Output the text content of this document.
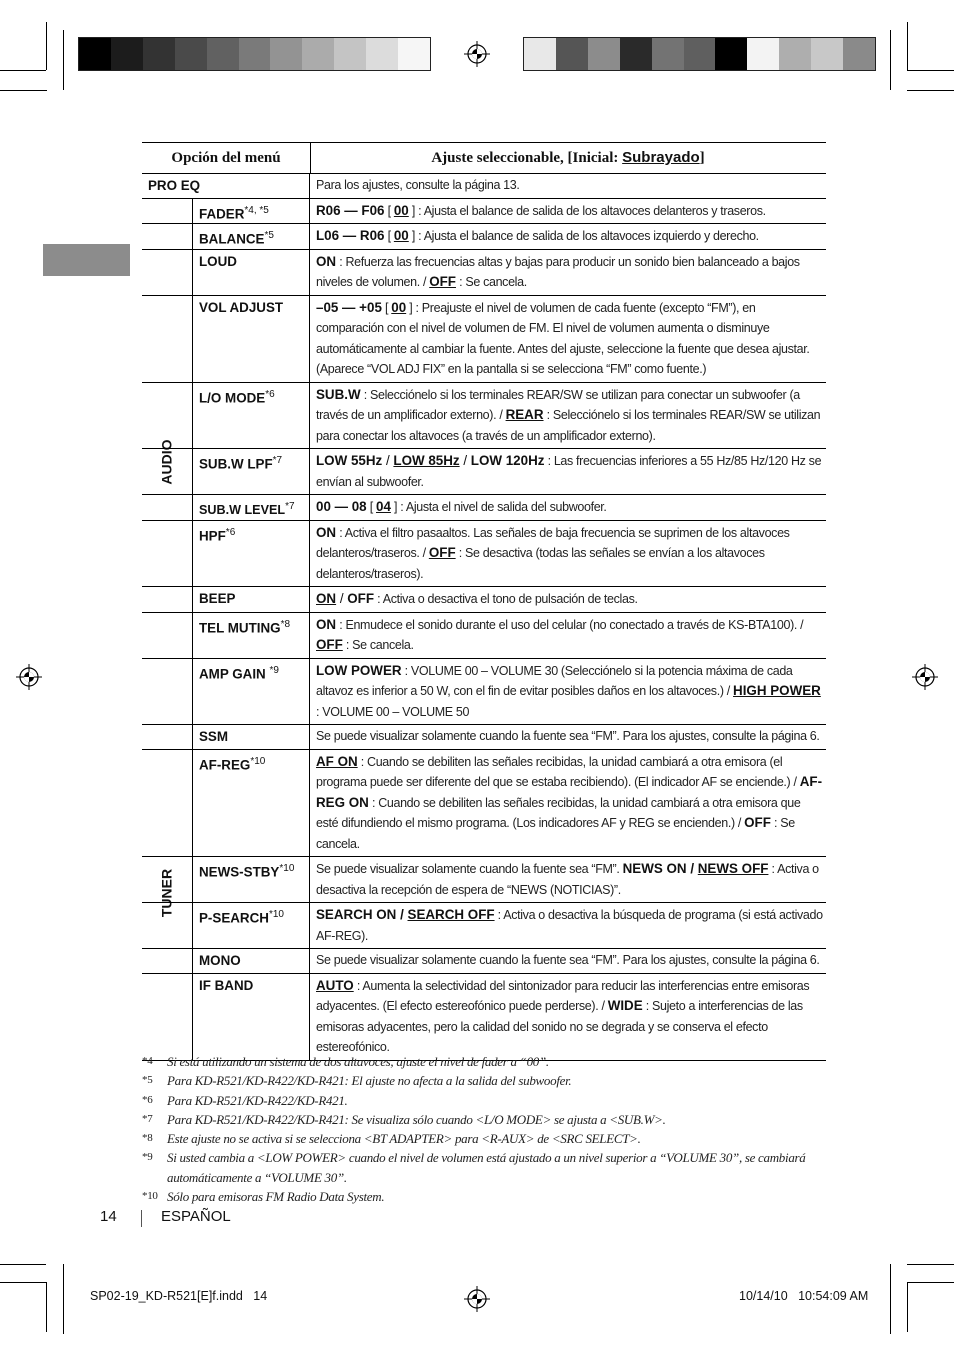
Opción del menú	Ajuste seleccionable, [Inicial: Subrayado]
PRO EQ	Para los ajustes, consulte la página 13.
AUDIO
$FADER^{*4, *5}$	R06 — F06 [ 00 ] : Ajusta el balance de salida de los altavoces delanteros y traseros.
BALANCE$^{*5}$	L06 — R06 [ 00 ] : Ajusta el balance de salida de los altavoces izquierdo y derecho.
LOUD	ON : Refuerza las frecuencias altas y bajas para producir un sonido bien balanceado a bajos niveles de volumen. / OFF : Se cancela.
VOL ADJUST	–05 — +05 [ 00 ] : Preajuste el nivel de volumen de cada fuente (excepto “FM”), en comparación con el nivel de volumen de FM. El nivel de volumen aumenta o disminuye automáticamente al cambiar la fuente. Antes del ajuste, seleccione la fuente que desea ajustar. (Aparece “VOL ADJ FIX” en la pantalla si se selecciona “FM” como fuente.)
L/O MODE$^{*6}$	SUB.W : Selecciónelo si los terminales REAR/SW se utilizan para conectar un subwoofer (a través de un amplificador externo). / REAR : Selecciónelo si los terminales REAR/SW se utilizan para conectar los altavoces (a través de un amplificador externo).
SUB.W LPF$^{*7}$	LOW 55Hz / LOW 85Hz / LOW 120Hz : Las frecuencias inferiores a 55 Hz/85 Hz/120 Hz se envían al subwoofer.
SUB.W LEVEL$^{*7}$	00 — 08 [ 04 ] : Ajusta el nivel de salida del subwoofer.
HPF$^{*6}$	ON : Activa el filtro pasaaltos. Las señales de baja frecuencia se suprimen de los altavoces delanteros/traseros. / OFF : Se desactiva (todas las señales se envían a los altavoces delanteros/traseros).
BEEP	ON / OFF : Activa o desactiva el tono de pulsación de teclas.
TEL MUTING$^{*8}$	ON : Enmudece el sonido durante el uso del celular (no conectado a través de KS-BTA100). / OFF : Se cancela.
AMP GAIN $^{*9}$	LOW POWER : VOLUME 00 – VOLUME 30 (Selecciónelo si la potencia máxima de cada altavoz es inferior a 50 W, con el fin de evitar posibles daños en los altavoces.) / HIGH POWER : VOLUME 00 – VOLUME 50
TUNER
SSM	Se puede visualizar solamente cuando la fuente sea “FM”. Para los ajustes, consulte la página 6.
AF-REG$^{*10}$	AF ON : Cuando se debiliten las señales recibidas, la unidad cambiará a otra emisora (el programa puede ser diferente del que se estaba recibiendo). (El indicador AF se enciende.) / AF-REG ON : Cuando se debiliten las señales recibidas, la unidad cambiará a otra emisora que esté difundiendo el mismo programa. (Los indicadores AF y REG se encienden.) / OFF : Se cancela.
NEWS-STBY$^{*10}$	Se puede visualizar solamente cuando la fuente sea “FM”. NEWS ON / NEWS OFF : Activa o desactiva la recepción de espera de “NEWS (NOTICIAS)”.
P-SEARCH$^{*10}$	SEARCH ON / SEARCH OFF : Activa o desactiva la búsqueda de programa (si está activado AF-REG).
MONO	Se puede visualizar solamente cuando la fuente sea “FM”. Para los ajustes, consulte la página 6.
IF BAND	AUTO : Aumenta la selectividad del sintonizador para reducir las interferencias entre emisoras adyacentes. (El efecto estereofónico puede perderse). / WIDE : Sujeto a interferencias de las emisoras adyacentes, pero la calidad del sonido no se degrada y se conserva el efecto estereofónico.
*4	Si está utilizando un sistema de dos altavoces, ajuste el nivel de fader a “00”.
*5	Para KD-R521/KD-R422/KD-R421: El ajuste no afecta a la salida del subwoofer.
*6	Para KD-R521/KD-R422/KD-R421.
*7	Para KD-R521/KD-R422/KD-R421: Se visualiza sólo cuando <L/O MODE> se ajusta a <SUB.W>.
*8	Este ajuste no se activa si se selecciona <BT ADAPTER> para <R-AUX> de <SRC SELECT>.
*9	Si usted cambia a <LOW POWER> cuando el nivel de volumen está ajustado a un nivel superior a “VOLUME 30”, se cambiará automáticamente a “VOLUME 30”.
*10 Sólo para emisoras FM Radio Data System.
14	ESPAÑOL
SP02-19_KD-R521[E]f.indd   14	10/14/10   10:54:09 AM
